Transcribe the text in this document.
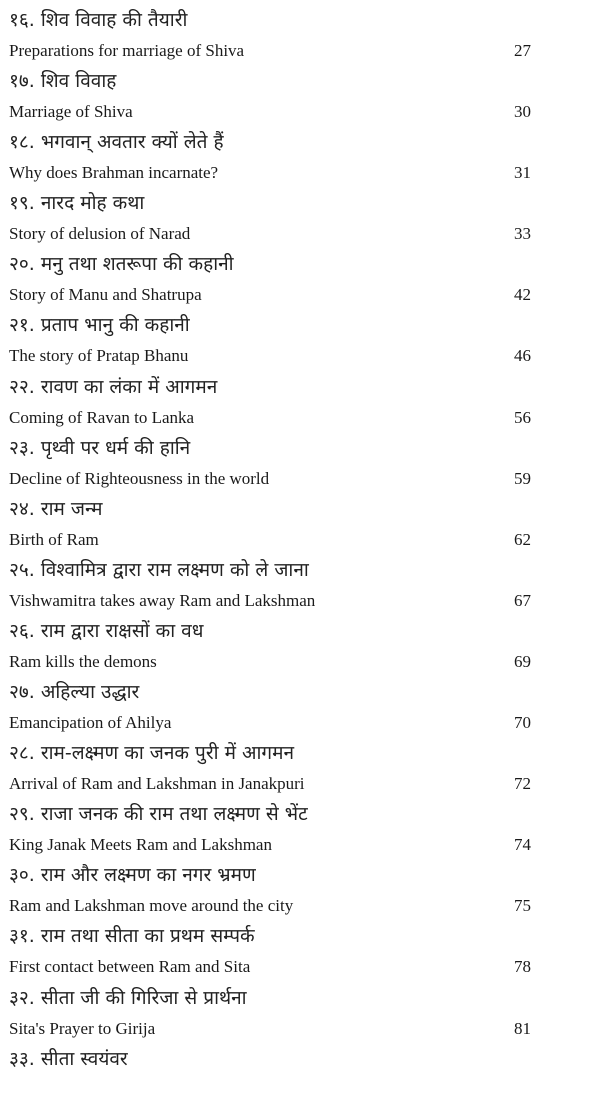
१६. शिव विवाह की तैयारी
Preparations for marriage of Shiva	27
१७. शिव विवाह
Marriage of Shiva	30
१८. भगवान् अवतार क्यों लेते हैं
Why does Brahman incarnate?	31
१९. नारद मोह कथा
Story of delusion of Narad	33
२०. मनु तथा शतरूपा की कहानी
Story of Manu and Shatrupa	42
२१. प्रताप भानु की कहानी
The story of Pratap Bhanu	46
२२. रावण का लंका में आगमन
Coming of Ravan to Lanka	56
२३. पृथ्वी पर धर्म की हानि
Decline of Righteousness in the world	59
२४. राम जन्म
Birth of Ram	62
२५. विश्वामित्र द्वारा राम लक्ष्मण को ले जाना
Vishwamitra takes away Ram and Lakshman	67
२६. राम द्वारा राक्षसों का वध
Ram kills the demons	69
२७. अहिल्या उद्धार
Emancipation of Ahilya	70
२८. राम-लक्ष्मण का जनक पुरी में आगमन
Arrival of Ram and Lakshman in Janakpuri	72
२९. राजा जनक की राम तथा लक्ष्मण से भेंट
King Janak Meets Ram and Lakshman	74
३०. राम और लक्ष्मण का नगर भ्रमण
Ram and Lakshman move around the city	75
३१. राम तथा सीता का प्रथम सम्पर्क
First contact between Ram and Sita	78
३२. सीता जी की गिरिजा से प्रार्थना
Sita's Prayer to Girija	81
३३. सीता स्वयंवर
